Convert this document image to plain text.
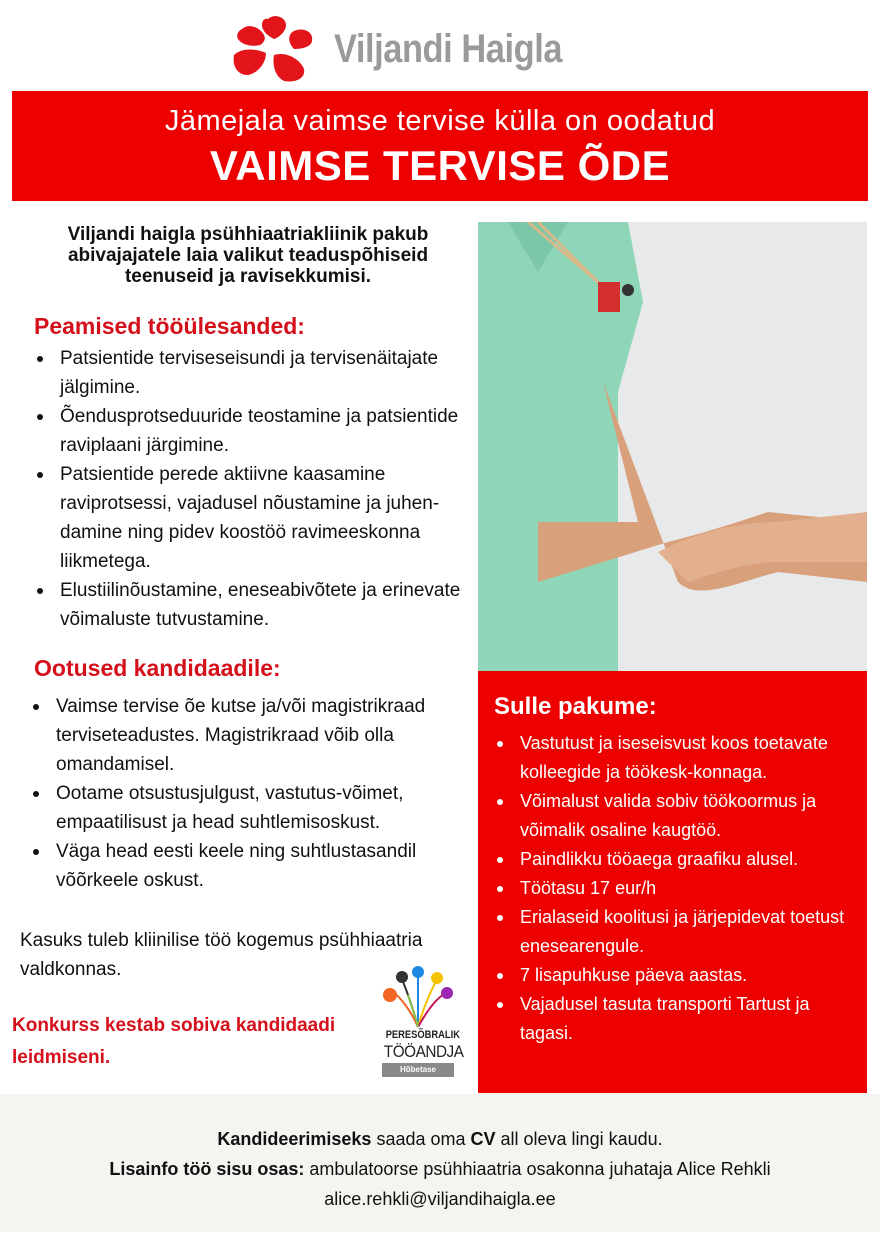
Viljandi Haigla
Jämejala vaimse tervise külla on oodatud
VAIMSE TERVISE ÕDE
Viljandi haigla psühhiaatriakliinik pakub abivajajatele laia valikut teaduspõhiseid teenuseid ja ravisekkumisi.
Peamised tööülesanded:
Patsientide terviseseisundi ja tervisenäitajate jälgimine.
Õendusprotseduuride teostamine ja patsientide raviplaani järgimine.
Patsientide perede aktiivne kaasamine raviprotsessi, vajadusel nõustamine ja juhen-damine ning pidev koostöö ravimeeskonna liikmetega.
Elustiilinõustamine, eneseabivõtete ja erinevate võimaluste tutvustamine.
Ootused kandidaadile:
Vaimse tervise õe kutse ja/või magistrikraad terviseteadustes. Magistrikraad võib olla omandamisel.
Ootame otsustusjulgust, vastutus-võimet, empaatilisust ja head suhtlemisoskust.
Väga head eesti keele ning suhtlustasandil võõrkeele oskust.
Kasuks tuleb kliinilise töö kogemus psühhiaatria valdkonnas.
Konkurss kestab sobiva kandidaadi leidmiseni.
PERESÕBRALIK
TÖÖANDJA
Hõbetase
Sulle pakume:
Vastutust ja iseseisvust koos toetavate kolleegide ja töökesk-konnaga.
Võimalust valida sobiv töökoormus ja võimalik osaline kaugtöö.
Paindlikku tööaega graafiku alusel.
Töötasu 17 eur/h
Erialaseid koolitusi ja järjepidevat toetust enesearengule.
7 lisapuhkuse päeva aastas.
Vajadusel tasuta transporti Tartust ja tagasi.
Kandideerimiseks saada oma CV all oleva lingi kaudu.
Lisainfo töö sisu osas: ambulatoorse psühhiaatria osakonna juhataja Alice Rehkli
alice.rehkli@viljandihaigla.ee
